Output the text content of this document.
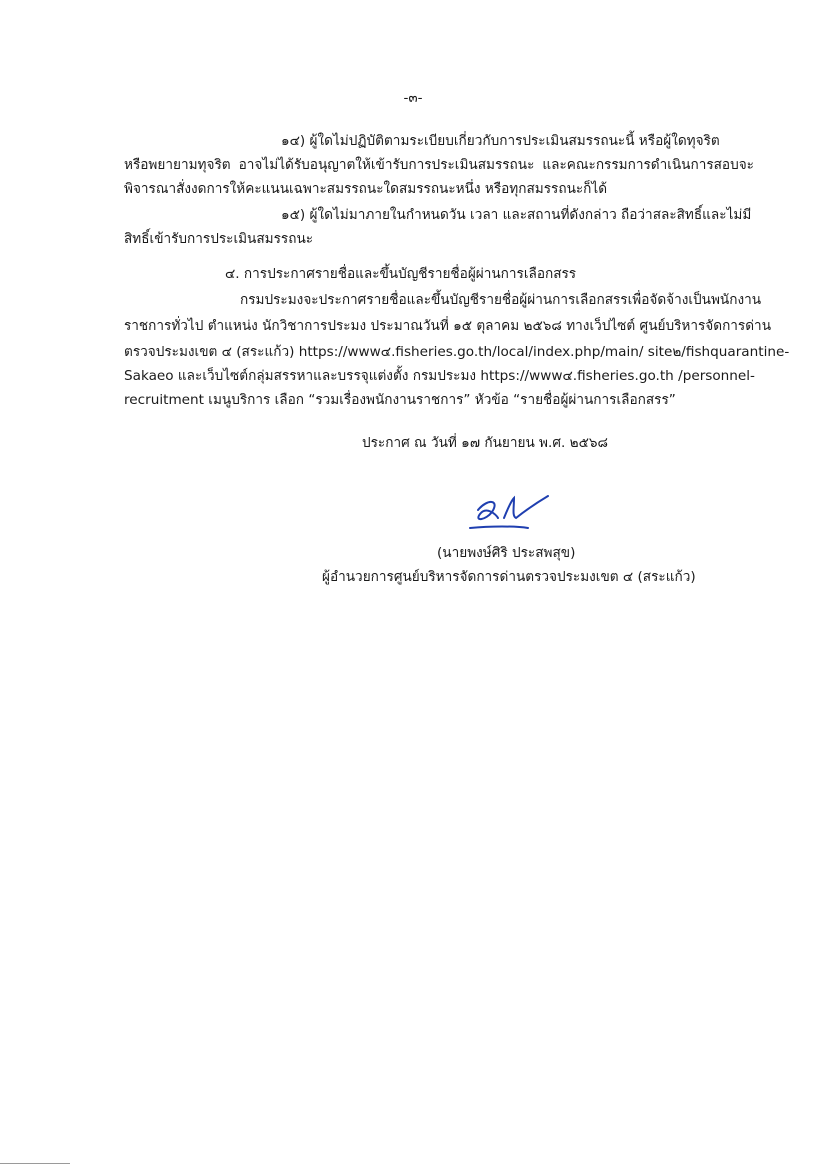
-๓-
๑๔) ผู้ใดไม่ปฏิบัติตามระเบียบเกี่ยวกับการประเมินสมรรถนะนี้ หรือผู้ใดทุจริต
หรือพยายามทุจริต อาจไม่ได้รับอนุญาตให้เข้ารับการประเมินสมรรถนะ และคณะกรรมการดำเนินการสอบจะ
พิจารณาสั่งงดการให้คะแนนเฉพาะสมรรถนะใดสมรรถนะหนึ่ง หรือทุกสมรรถนะก็ได้
๑๕) ผู้ใดไม่มาภายในกำหนดวัน เวลา และสถานที่ดังกล่าว ถือว่าสละสิทธิ์และไม่มี
สิทธิ์เข้ารับการประเมินสมรรถนะ
๔. การประกาศรายชื่อและขึ้นบัญชีรายชื่อผู้ผ่านการเลือกสรร
กรมประมงจะประกาศรายชื่อและขึ้นบัญชีรายชื่อผู้ผ่านการเลือกสรรเพื่อจัดจ้างเป็นพนักงาน
ราชการทั่วไป ตำแหน่ง นักวิชาการประมง ประมาณวันที่ ๑๕ ตุลาคม ๒๕๖๘ ทางเว็ปไซต์ ศูนย์บริหารจัดการด่าน
ตรวจประมงเขต ๔ (สระแก้ว) https://www๔.fisheries.go.th/local/index.php/main/ site๒/fishquarantine-
Sakaeo และเว็บไซต์กลุ่มสรรหาและบรรจุแต่งตั้ง กรมประมง https://www๔.fisheries.go.th /personnel-
recruitment เมนูบริการ เลือก “รวมเรื่องพนักงานราชการ” หัวข้อ “รายชื่อผู้ผ่านการเลือกสรร”
ประกาศ ณ วันที่ ๑๗ กันยายน พ.ศ. ๒๕๖๘
(นายพงษ์ศิริ ประสพสุข)
ผู้อำนวยการศูนย์บริหารจัดการด่านตรวจประมงเขต ๔ (สระแก้ว)
